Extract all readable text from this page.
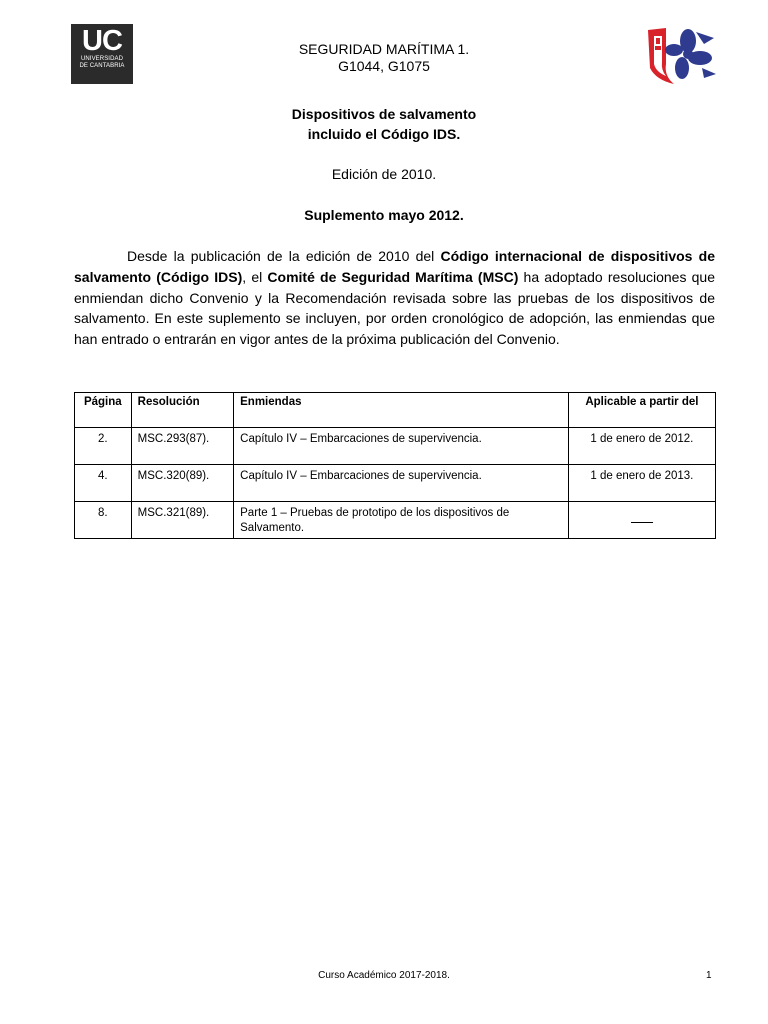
UC
UNIVERSIDAD
DE CANTABRIA
SEGURIDAD MARÍTIMA 1.
G1044, G1075
Dispositivos de salvamento
incluido el Código IDS.
Edición de 2010.
Suplemento mayo 2012.

Desde la publicación de la edición de 2010 del Código internacional de dispositivos de salvamento (Código IDS), el Comité de Seguridad Marítima (MSC) ha adoptado resoluciones que enmiendan dicho Convenio y la Recomendación revisada sobre las pruebas de los dispositivos de salvamento. En este suplemento se incluyen, por orden cronológico de adopción, las enmiendas que han entrado o entrarán en vigor antes de la próxima publicación del Convenio.

Página	Resolución	Enmiendas	Aplicable a partir del
2.	MSC.293(87).	Capítulo IV – Embarcaciones de supervivencia.	1 de enero de 2012.
4.	MSC.320(89).	Capítulo IV – Embarcaciones de supervivencia.	1 de enero de 2013.
8.	MSC.321(89).	Parte 1 – Pruebas de prototipo de los dispositivos de Salvamento.	
Curso Académico 2017-2018.	1
